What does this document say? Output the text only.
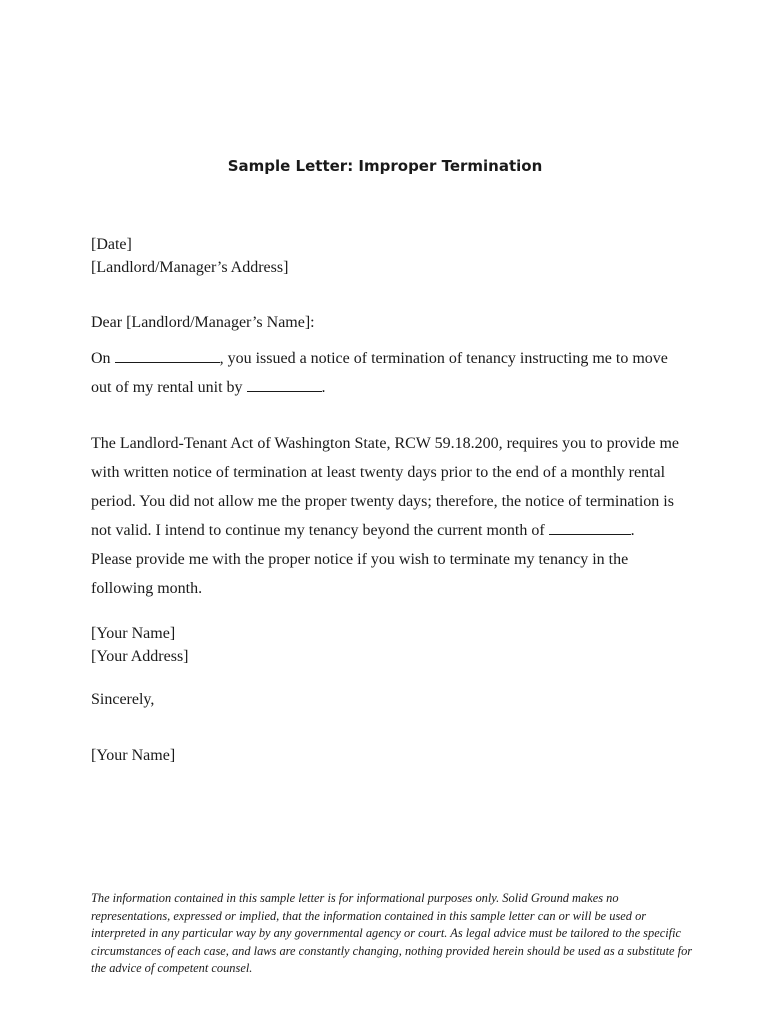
Sample Letter: Improper Termination
[Date]
[Landlord/Manager’s Address]
Dear [Landlord/Manager’s Name]:
On	, you issued a notice of termination of tenancy instructing me to move
out of my rental unit by	.
The Landlord-Tenant Act of Washington State, RCW 59.18.200, requires you to provide me
with written notice of termination at least twenty days prior to the end of a monthly rental
period. You did not allow me the proper twenty days; therefore, the notice of termination is
not valid. I intend to continue my tenancy beyond the current month of	.
Please provide me with the proper notice if you wish to terminate my tenancy in the
following month.
[Your Name]
[Your Address]
Sincerely,
[Your Name]
The information contained in this sample letter is for informational purposes only. Solid Ground makes no
representations, expressed or implied, that the information contained in this sample letter can or will be used or
interpreted in any particular way by any governmental agency or court. As legal advice must be tailored to the specific
circumstances of each case, and laws are constantly changing, nothing provided herein should be used as a substitute for
the advice of competent counsel.
